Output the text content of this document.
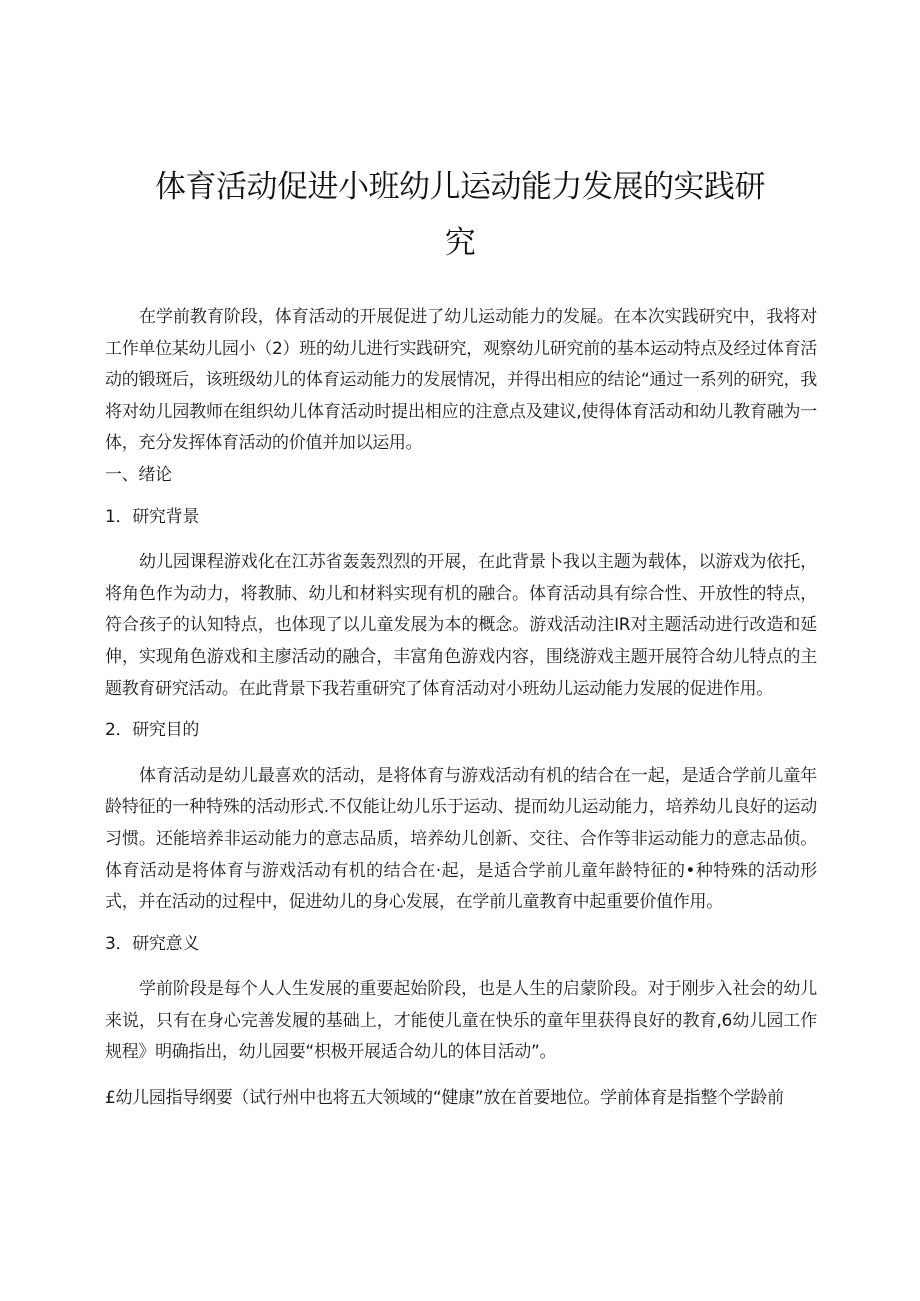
体育活动促进小班幼儿运动能力发展的实践研
究

在学前教育阶段，体育活动的开展促进了幼儿运动能力的发屣。在本次实践研究中，我将对工作单位某幼儿园小（2）班的幼儿进行实践研究，观察幼儿研究前的基本运动特点及经过体育活动的锻斑后，该班级幼儿的体育运动能力的发展情况，并得出相应的结论“通过一系列的研究，我将对幼儿园教师在组织幼儿体育活动时提出相应的注意点及建议,使得体育活动和幼儿教育融为一体，充分发挥体育活动的价值并加以运用。

一、绪论

1．研究背景

幼儿园课程游戏化在江苏省轰轰烈烈的开展，在此背景卜我以主题为载体，以游戏为依托，将角色作为动力，将教肺、幼儿和材料实现有机的融合。体育活动具有综合性、开放性的特点，符合孩子的认知特点，也体现了以儿童发展为本的概念。游戏活动注IR对主题活动进行改造和延伸，实现角色游戏和主廖活动的融合，丰富角色游戏内容，围绕游戏主题开展符合幼儿特点的主题教育研究活动。在此背景下我若重研究了体育活动对小班幼儿运动能力发展的促进作用。

2．研究目的

体育活动是幼儿最喜欢的活动，是将体育与游戏活动有机的结合在一起，是适合学前儿童年龄特征的一种特殊的活动形式.不仅能让幼儿乐于运动、提而幼儿运动能力，培养幼儿良好的运动习惯。还能培养非运动能力的意志品质，培养幼儿创新、交往、合作等非运动能力的意志品侦。体育活动是将体育与游戏活动有机的结合在·起，是适合学前儿童年龄特征的•种特殊的活动形式，并在活动的过程中，促进幼儿的身心发展，在学前儿童教育中起重要价值作用。

3．研究意义

学前阶段是每个人人生发展的重要起始阶段，也是人生的启蒙阶段。对于刚步入社会的幼儿来说，只有在身心完善发履的基础上，才能使儿童在快乐的童年里获得良好的教育,6幼儿园工作规程》明确指出，幼儿园要“枳极开展适合幼儿的体目活动”。

£幼儿园指导纲要（试行州中也将五大领域的“健康”放在首要地位。学前体育是指整个学龄前
